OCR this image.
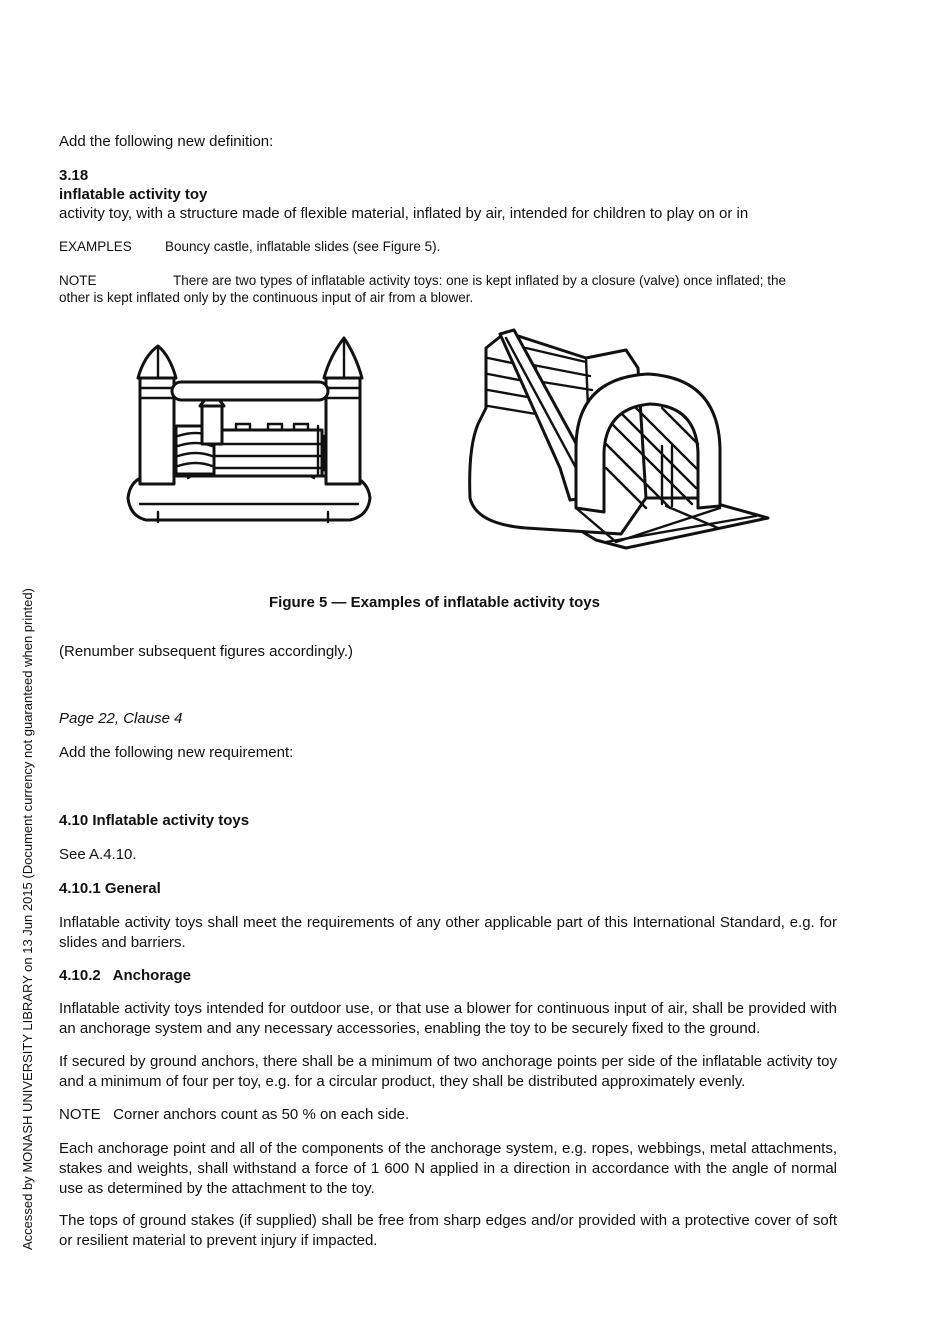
Accessed by MONASH UNIVERSITY LIBRARY on 13 Jun 2015 (Document currency not guaranteed when printed)

Add the following new definition:

3.18

inflatable activity toy

activity toy, with a structure made of flexible material, inflated by air, intended for children to play on or in

EXAMPLES Bouncy castle, inflatable slides (see Figure 5).

NOTE	There are two types of inflatable activity toys: one is kept inflated by a closure (valve) once inflated; the

other is kept inflated only by the continuous input of air from a blower.

Figure 5 — Examples of inflatable activity toys

(Renumber subsequent figures accordingly.)

Page 22, Clause 4

Add the following new requirement:

4.10 Inflatable activity toys

See A.4.10.

4.10.1 General

Inflatable activity toys shall meet the requirements of any other applicable part of this International Standard, e.g. for slides and barriers.

4.10.2   Anchorage

Inflatable activity toys intended for outdoor use, or that use a blower for continuous input of air, shall be provided with an anchorage system and any necessary accessories, enabling the toy to be securely fixed to the ground.

If secured by ground anchors, there shall be a minimum of two anchorage points per side of the inflatable activity toy and a minimum of four per toy, e.g. for a circular product, they shall be distributed approximately evenly.

NOTE   Corner anchors count as 50 % on each side.

Each anchorage point and all of the components of the anchorage system, e.g. ropes, webbings, metal attachments, stakes and weights, shall withstand a force of 1 600 N applied in a direction in accordance with the angle of normal use as determined by the attachment to the toy.

The tops of ground stakes (if supplied) shall be free from sharp edges and/or provided with a protective cover of soft or resilient material to prevent injury if impacted.
